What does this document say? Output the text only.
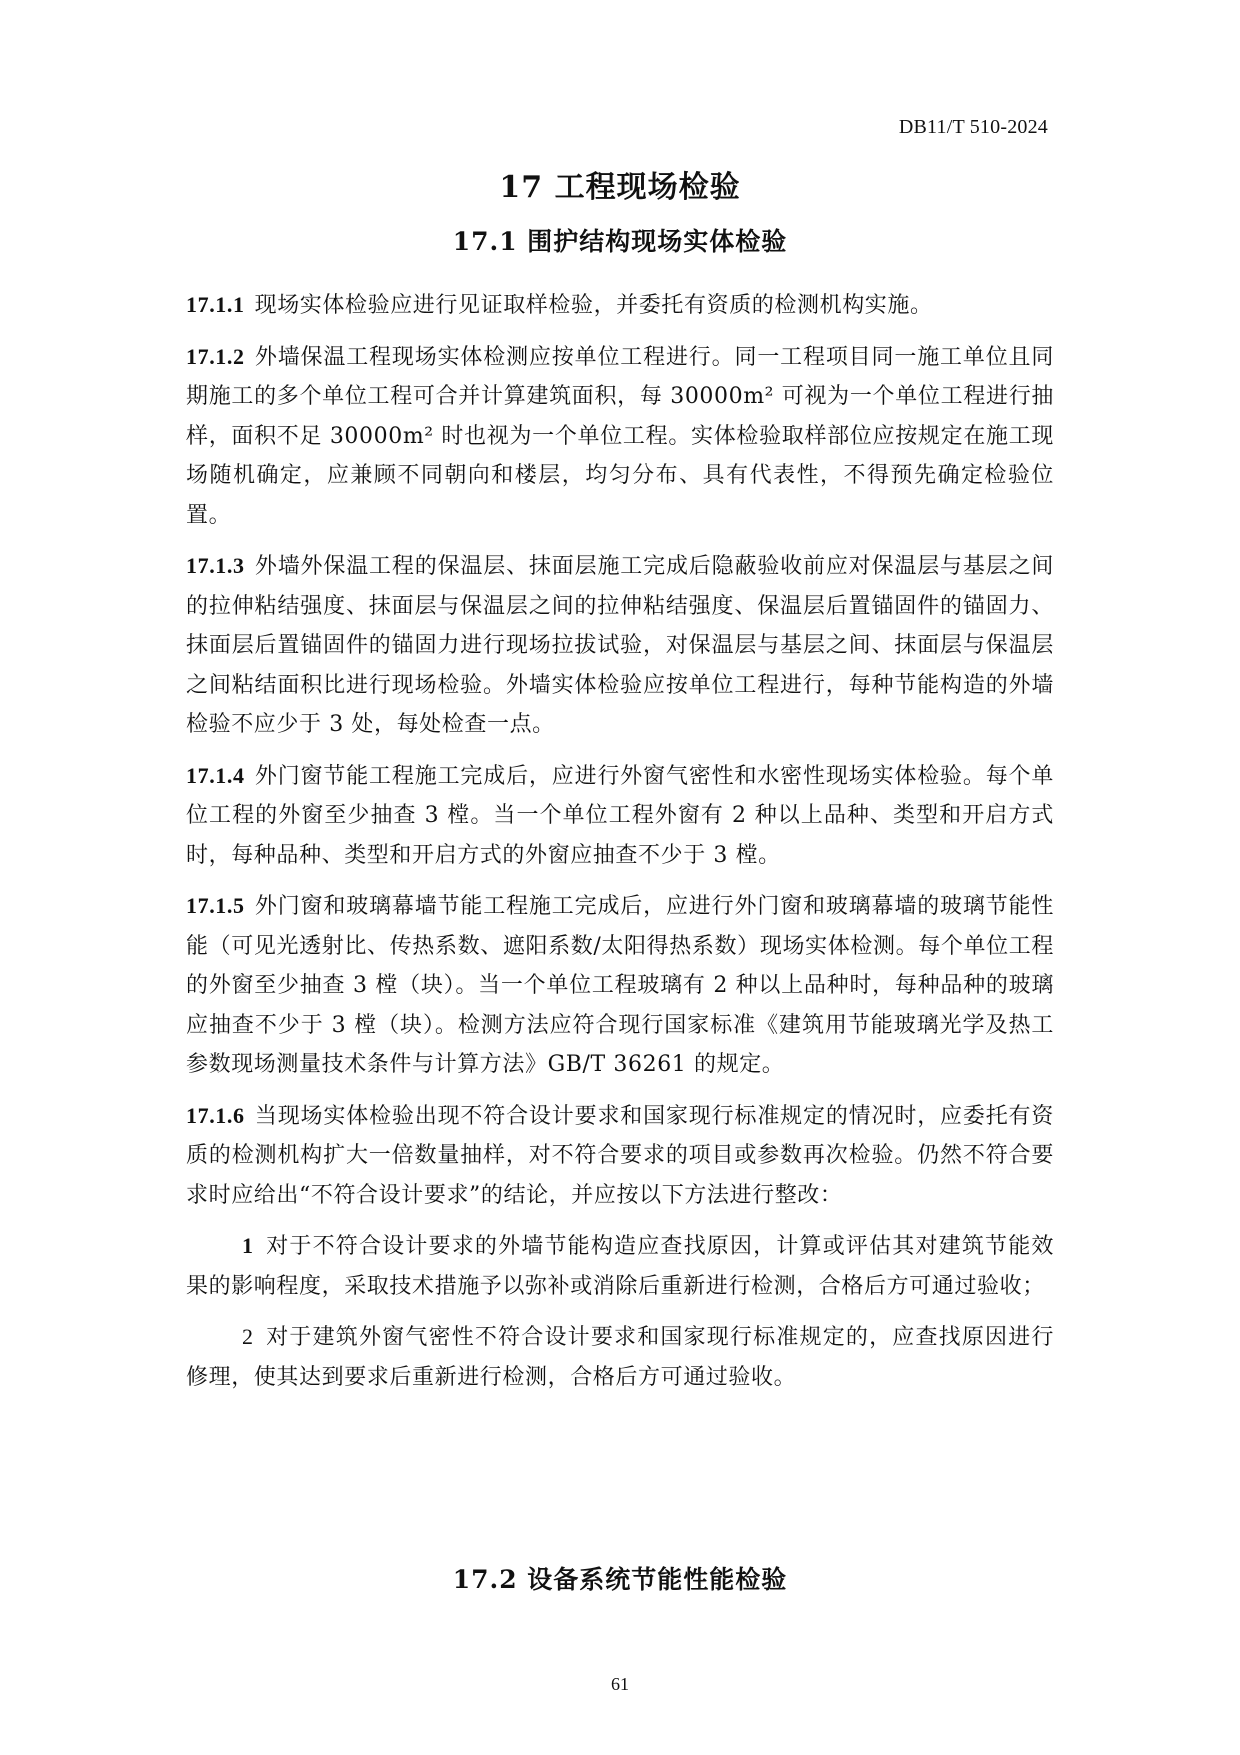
DB11/T 510-2024
17 工程现场检验
17.1 围护结构现场实体检验

17.1.1 现场实体检验应进行见证取样检验，并委托有资质的检测机构实施。

17.1.2 外墙保温工程现场实体检测应按单位工程进行。同一工程项目同一施工单位且同期施工的多个单位工程可合并计算建筑面积，每 30000m² 可视为一个单位工程进行抽样，面积不足 30000m² 时也视为一个单位工程。实体检验取样部位应按规定在施工现场随机确定，应兼顾不同朝向和楼层，均匀分布、具有代表性，不得预先确定检验位置。

17.1.3 外墙外保温工程的保温层、抹面层施工完成后隐蔽验收前应对保温层与基层之间的拉伸粘结强度、抹面层与保温层之间的拉伸粘结强度、保温层后置锚固件的锚固力、抹面层后置锚固件的锚固力进行现场拉拔试验，对保温层与基层之间、抹面层与保温层之间粘结面积比进行现场检验。外墙实体检验应按单位工程进行，每种节能构造的外墙检验不应少于 3 处，每处检查一点。

17.1.4 外门窗节能工程施工完成后，应进行外窗气密性和水密性现场实体检验。每个单位工程的外窗至少抽查 3 樘。当一个单位工程外窗有 2 种以上品种、类型和开启方式时，每种品种、类型和开启方式的外窗应抽查不少于 3 樘。

17.1.5 外门窗和玻璃幕墙节能工程施工完成后，应进行外门窗和玻璃幕墙的玻璃节能性能（可见光透射比、传热系数、遮阳系数/太阳得热系数）现场实体检测。每个单位工程的外窗至少抽查 3 樘（块）。当一个单位工程玻璃有 2 种以上品种时，每种品种的玻璃应抽查不少于 3 樘（块）。检测方法应符合现行国家标准《建筑用节能玻璃光学及热工参数现场测量技术条件与计算方法》GB/T 36261 的规定。

17.1.6 当现场实体检验出现不符合设计要求和国家现行标准规定的情况时，应委托有资质的检测机构扩大一倍数量抽样，对不符合要求的项目或参数再次检验。仍然不符合要求时应给出“不符合设计要求”的结论，并应按以下方法进行整改：

1 对于不符合设计要求的外墙节能构造应查找原因，计算或评估其对建筑节能效果的影响程度，采取技术措施予以弥补或消除后重新进行检测，合格后方可通过验收；

2 对于建筑外窗气密性不符合设计要求和国家现行标准规定的，应查找原因进行修理，使其达到要求后重新进行检测，合格后方可通过验收。

17.2 设备系统节能性能检验
61
